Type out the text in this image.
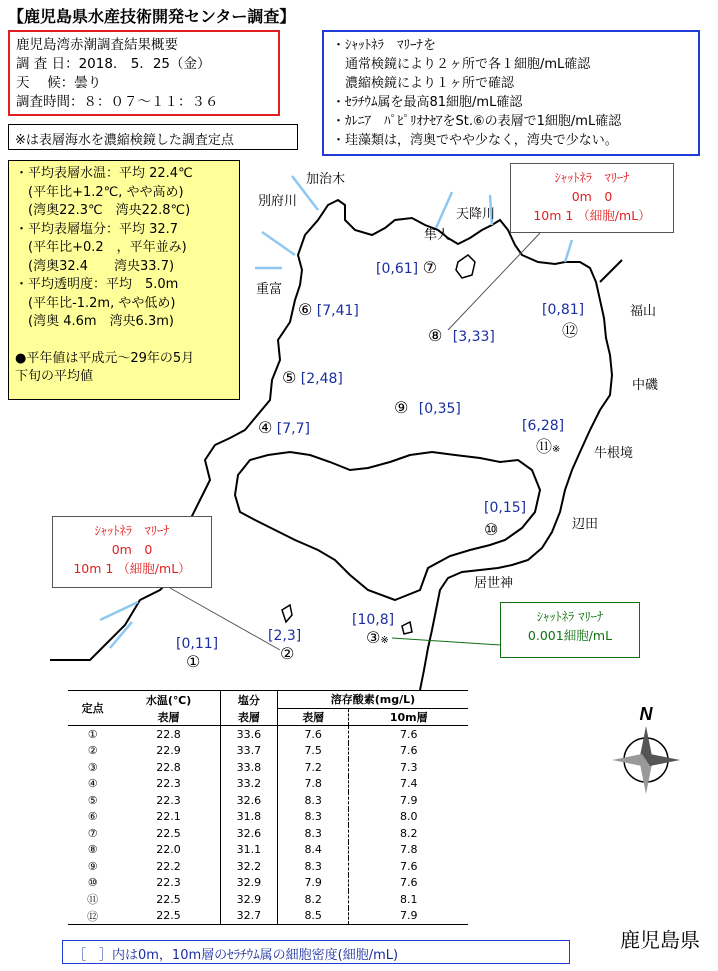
【鹿児島県水産技術開発センター調査】
鹿児島湾赤潮調査結果概要
調 査 日：2018． 5．25（金）
天　 候：曇り
調査時間：８：０７～１１：３６
※は表層海水を濃縮検鏡した調査定点
・ｼｬｯﾄﾈﾗ　ﾏﾘｰﾅを
　通常検鏡により２ヶ所で各１細胞/mL確認
　濃縮検鏡により１ヶ所で確認
・ｾﾗﾁｳﾑ属を最高81細胞/mL確認
・ｶﾚﾆｱ　ﾊﾟﾋﾟﾘｵﾅｾｱをSt.⑥の表層で1細胞/mL確認
・珪藻類は，湾奥でやや少なく，湾央で少ない。
・平均表層水温：平均 22.4℃
　(平年比+1.2℃, やや高め)
　(湾奥22.3℃　湾央22.8℃)
・平均表層塩分：平均 32.7
　(平年比+0.2　，平年並み)
　(湾奥32.4　　湾央33.7)
・平均透明度：平均　5.0m
　(平年比-1.2m, やや低め)
　(湾奥 4.6m　湾央6.3m)
●平年値は平成元～29年の5月
下旬の平均値
ｼｬｯﾄﾈﾗ　ﾏﾘｰﾅ
0m　0
10m 1 （細胞/mL）
ｼｬｯﾄﾈﾗ　ﾏﾘｰﾅ
0m　0
10m 1 （細胞/mL）
ｼｬｯﾄﾈﾗ ﾏﾘｰﾅ
0.001細胞/mL
加治木
別府川
天降川
隼人
重富
福山
中磯
牛根境
辺田
居世神
[0,11]
①
[2,3]
②
[10,8]
③※
④ [7,7]
⑤ [2,48]
⑥ [7,41]
[0,61] ⑦
⑧ [3,33]
⑨ [0,35]
[0,15]
⑩
[6,28]
⑪※
[0,81]
⑫
定点	水温(℃)	塩分	溶存酸素(mg/L)	
	表層	表層	表層	10m層
①	22.8	33.6	7.6	7.6
②	22.9	33.7	7.5	7.6
③	22.8	33.8	7.2	7.3
④	22.3	33.2	7.8	7.4
⑤	22.3	32.6	8.3	7.9
⑥	22.1	31.8	8.3	8.0
⑦	22.5	32.6	8.3	8.2
⑧	22.0	31.1	8.4	7.8
⑨	22.2	32.2	8.3	7.6
⑩	22.3	32.9	7.9	7.6
⑪	22.5	32.9	8.2	8.1
⑫	22.5	32.7	8.5	7.9
N
鹿児島県
［　］内は0m，10m層のｾﾗﾁｳﾑ属の細胞密度(細胞/mL)
